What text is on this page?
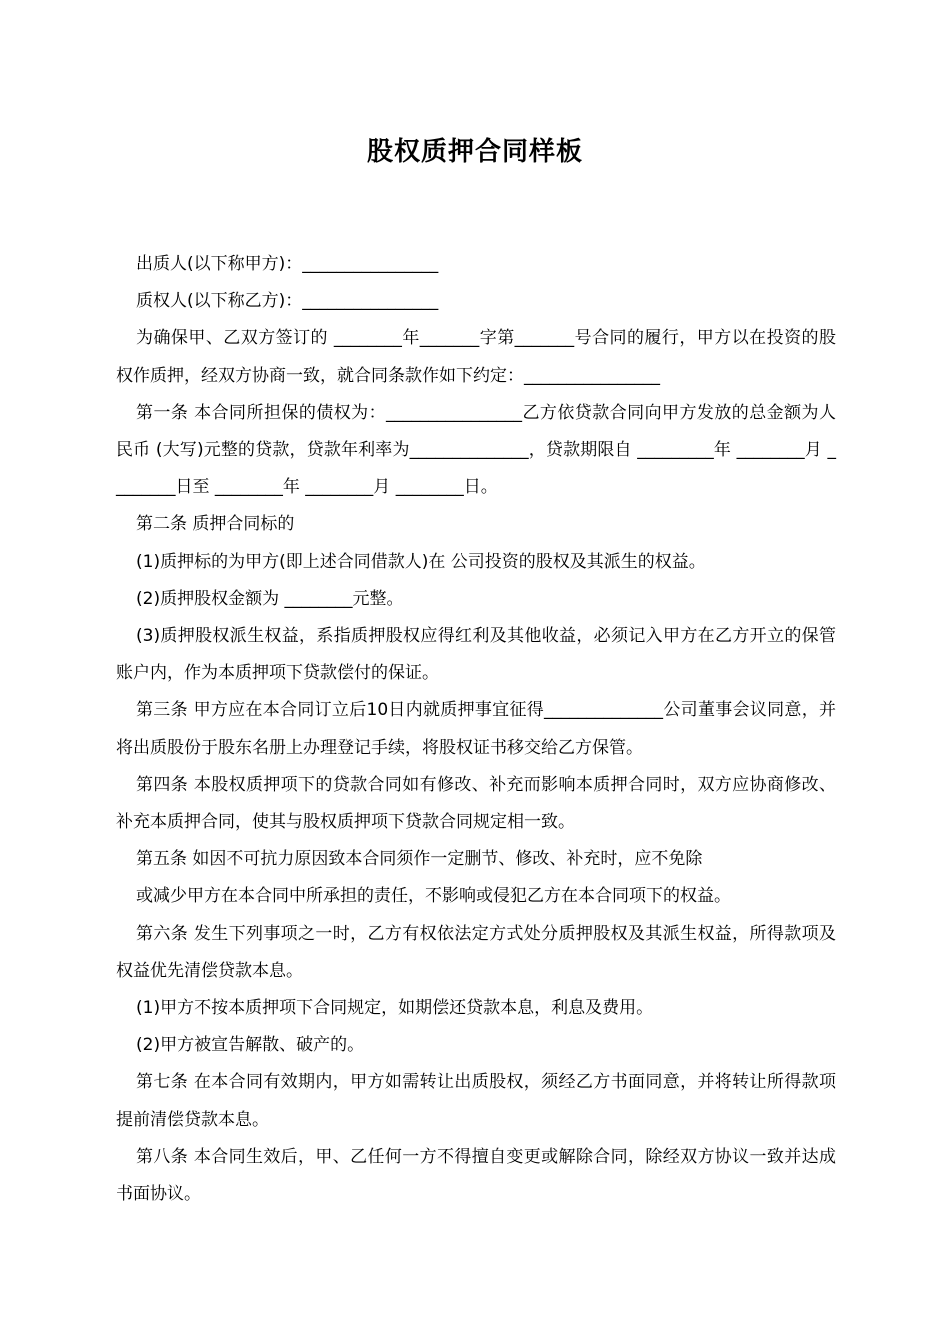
股权质押合同样板

出质人(以下称甲方)：________________

质权人(以下称乙方)：________________

为确保甲、乙双方签订的 ________年_______字第_______号合同的履行，甲方以在投资的股权作质押，经双方协商一致，就合同条款作如下约定：________________

第一条 本合同所担保的债权为：________________乙方依贷款合同向甲方发放的总金额为人民币 (大写)元整的贷款，贷款年利率为______________，贷款期限自 _________年 ________月 ________日至 ________年 ________月 ________日。

第二条 质押合同标的

(1)质押标的为甲方(即上述合同借款人)在 公司投资的股权及其派生的权益。

(2)质押股权金额为 ________元整。

(3)质押股权派生权益，系指质押股权应得红利及其他收益，必须记入甲方在乙方开立的保管账户内，作为本质押项下贷款偿付的保证。

第三条 甲方应在本合同订立后10日内就质押事宜征得______________公司董事会议同意，并将出质股份于股东名册上办理登记手续，将股权证书移交给乙方保管。

第四条 本股权质押项下的贷款合同如有修改、补充而影响本质押合同时，双方应协商修改、补充本质押合同，使其与股权质押项下贷款合同规定相一致。

第五条 如因不可抗力原因致本合同须作一定删节、修改、补充时，应不免除

或减少甲方在本合同中所承担的责任，不影响或侵犯乙方在本合同项下的权益。

第六条 发生下列事项之一时，乙方有权依法定方式处分质押股权及其派生权益，所得款项及权益优先清偿贷款本息。

(1)甲方不按本质押项下合同规定，如期偿还贷款本息，利息及费用。

(2)甲方被宣告解散、破产的。

第七条 在本合同有效期内，甲方如需转让出质股权，须经乙方书面同意，并将转让所得款项提前清偿贷款本息。

第八条 本合同生效后，甲、乙任何一方不得擅自变更或解除合同，除经双方协议一致并达成书面协议。
